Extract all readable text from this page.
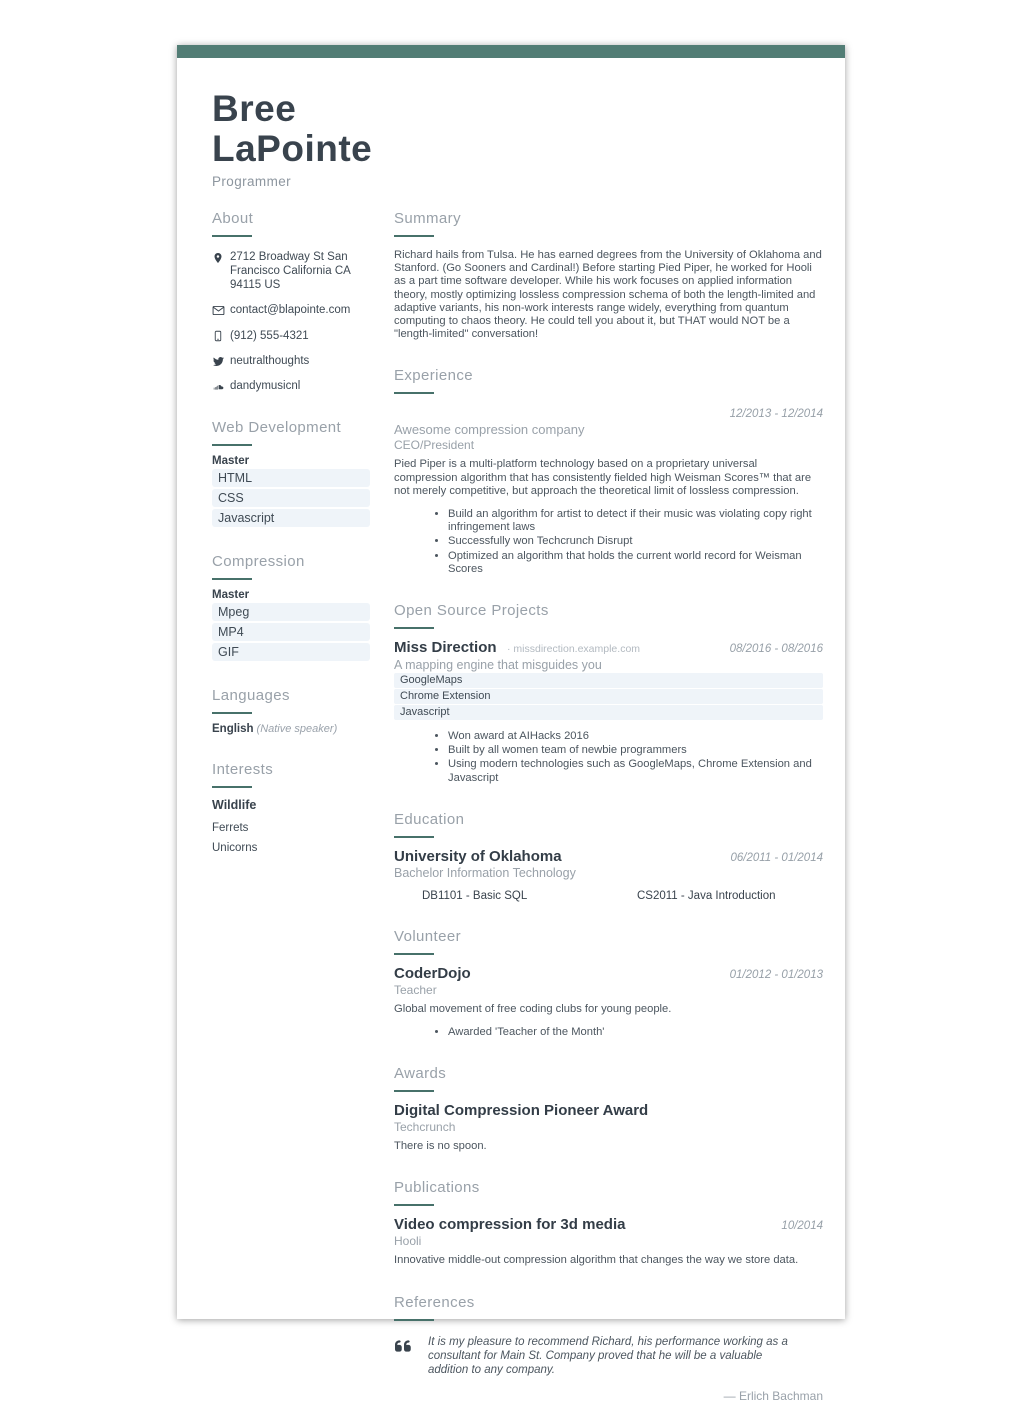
Bree
LaPointe
Programmer
About
2712 Broadway St San Francisco California CA 94115 US
contact@blapointe.com
(912) 555-4321
neutralthoughts
dandymusicnl
Web Development
Master
HTML
CSS
Javascript
Compression
Master
Mpeg
MP4
GIF
Languages
English (Native speaker)
Interests
Wildlife
Ferrets
Unicorns
Summary

Richard hails from Tulsa. He has earned degrees from the University of Oklahoma and Stanford. (Go Sooners and Cardinal!) Before starting Pied Piper, he worked for Hooli as a part time software developer. While his work focuses on applied information theory, mostly optimizing lossless compression schema of both the length-limited and adaptive variants, his non-work interests range widely, everything from quantum computing to chaos theory. He could tell you about it, but THAT would NOT be a "length-limited" conversation!

Experience
12/2013 - 12/2014
Awesome compression company
CEO/President

Pied Piper is a multi-platform technology based on a proprietary universal compression algorithm that has consistently fielded high Weisman Scores™ that are not merely competitive, but approach the theoretical limit of lossless compression.

• Build an algorithm for artist to detect if their music was violating copy right infringement laws
• Successfully won Techcrunch Disrupt
• Optimized an algorithm that holds the current world record for Weisman Scores
Open Source Projects
Miss Direction · missdirection.example.com	08/2016 - 08/2016
A mapping engine that misguides you
GoogleMaps
Chrome Extension
Javascript
• Won award at AIHacks 2016
• Built by all women team of newbie programmers
• Using modern technologies such as GoogleMaps, Chrome Extension and Javascript
Education
University of Oklahoma	06/2011 - 01/2014
Bachelor Information Technology
DB1101 - Basic SQL	CS2011 - Java Introduction
Volunteer
CoderDojo	01/2012 - 01/2013
Teacher

Global movement of free coding clubs for young people.

• Awarded 'Teacher of the Month'
Awards
Digital Compression Pioneer Award
Techcrunch

There is no spoon.

Publications
Video compression for 3d media	10/2014
Hooli

Innovative middle-out compression algorithm that changes the way we store data.

References
It is my pleasure to recommend Richard, his performance working as a consultant for Main St. Company proved that he will be a valuable addition to any company.
— Erlich Bachman
